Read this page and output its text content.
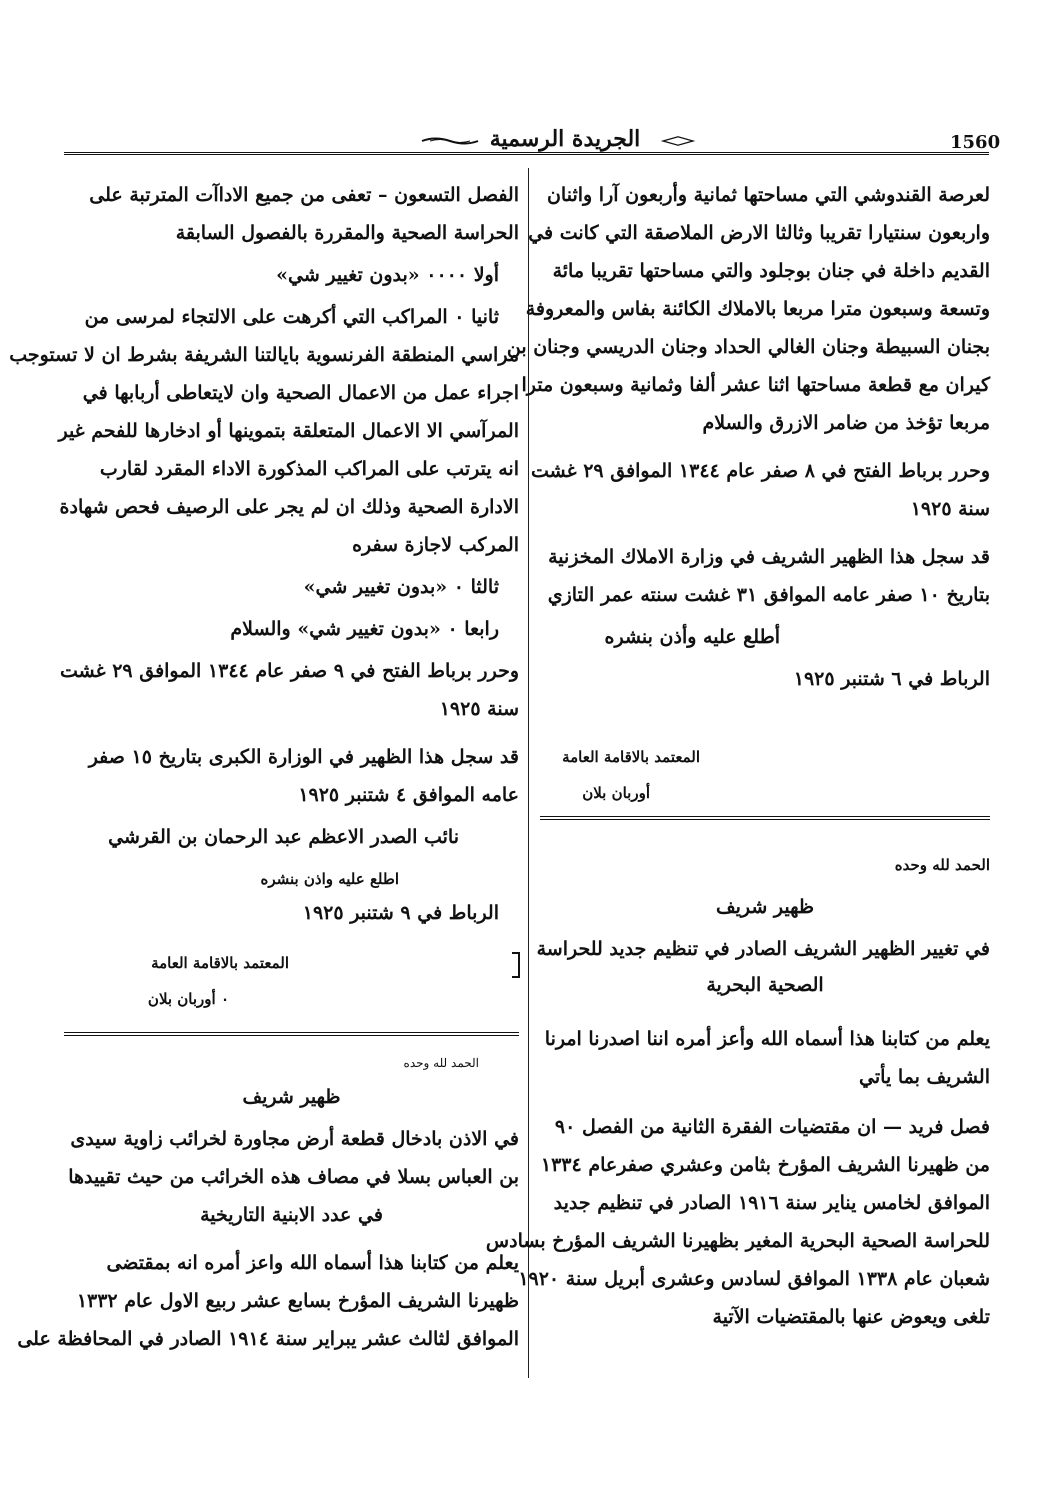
الجريدة الرسمية	1560
لعرصة القندوشي التي مساحتها ثمانية وأربعون آرا واثنان
واربعون سنتيارا تقريبا وثالثا الارض الملاصقة التي كانت في
القديم داخلة في جنان بوجلود والتي مساحتها تقريبا مائة
وتسعة وسبعون مترا مربعا بالاملاك الكائنة بفاس والمعروفة
بجنان السبيطة وجنان الغالي الحداد وجنان الدريسي وجنان بن
كيران مع قطعة مساحتها اثنا عشر ألفا وثمانية وسبعون مترا
مربعا تؤخذ من ضامر الازرق والسلام
وحرر برباط الفتح في ٨ صفر عام ١٣٤٤ الموافق ٢٩ غشت
سنة ١٩٢٥
قد سجل هذا الظهير الشريف في وزارة الاملاك المخزنية
بتاريخ ١٠ صفر عامه الموافق ٣١ غشت سنته عمر التازي
أطلع عليه وأذن بنشره
الرباط في ٦ شتنبر ١٩٢٥
المعتمد بالاقامة العامة
أوربان بلان
الحمد لله وحده
ظهير شريف
في تغيير الظهير الشريف الصادر في تنظيم جديد للحراسة
الصحية البحرية
يعلم من كتابنا هذا أسماه الله وأعز أمره اننا اصدرنا امرنا
الشريف بما يأتي
فصل فريد — ان مقتضيات الفقرة الثانية من الفصل ٩٠
من ظهيرنا الشريف المؤرخ بثامن وعشري صفرعام ١٣٣٤
الموافق لخامس يناير سنة ١٩١٦ الصادر في تنظيم جديد
للحراسة الصحية البحرية المغير بظهيرنا الشريف المؤرخ بسادس
شعبان عام ١٣٣٨ الموافق لسادس وعشرى أبريل سنة ١٩٢٠
تلغى ويعوض عنها بالمقتضيات الآتية
الفصل التسعون – تعفى من جميع الاداآت المترتبة على
الحراسة الصحية والمقررة بالفصول السابقة
أولا ٠٠٠٠ «بدون تغيير شي»
ثانيا ٠ المراكب التي أكرهت على الالتجاء لمرسى من
مراسي المنطقة الفرنسوية بايالتنا الشريفة بشرط ان لا تستوجب
اجراء عمل من الاعمال الصحية وان لايتعاطى أربابها في
المرآسي الا الاعمال المتعلقة بتموينها أو ادخارها للفحم غير
انه يترتب على المراكب المذكورة الاداء المقرد لقارب
الادارة الصحية وذلك ان لم يجر على الرصيف فحص شهادة
المركب لاجازة سفره
ثالثا ٠ «بدون تغيير شي»
رابعا ٠ «بدون تغيير شي» والسلام
وحرر برباط الفتح في ٩ صفر عام ١٣٤٤ الموافق ٢٩ غشت
سنة ١٩٢٥
قد سجل هذا الظهير في الوزارة الكبرى بتاريخ ١٥ صفر
عامه الموافق ٤ شتنبر ١٩٢٥
نائب الصدر الاعظم عبد الرحمان بن القرشي
اطلع عليه واذن بنشره
الرباط في ٩ شتنبر ١٩٢٥
المعتمد بالاقامة العامة
٠ أوربان بلان
الحمد لله وحده
ظهير شريف
في الاذن بادخال قطعة أرض مجاورة لخرائب زاوية سيدى
بن العباس بسلا في مصاف هذه الخرائب من حيث تقييدها
في عدد الابنية التاريخية
يعلم من كتابنا هذا أسماه الله واعز أمره انه بمقتضى
ظهيرنا الشريف المؤرخ بسابع عشر ربيع الاول عام ١٣٣٢
الموافق لثالث عشر يبراير سنة ١٩١٤ الصادر في المحافظة على
